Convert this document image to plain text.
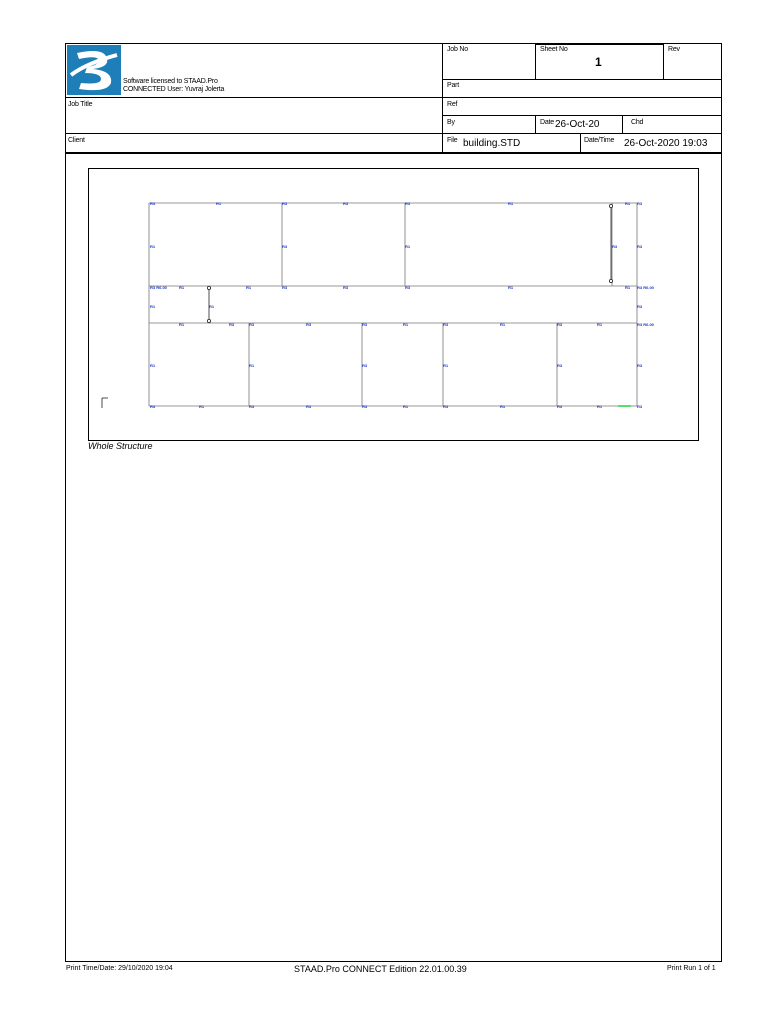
Software licensed to STAAD.Pro
CONNECTED User: Yuvraj Jolerta
Job No	Sheet No
1
Rev
Part
Job Title	Ref
By	Date 26-Oct-20	Chd
Client	File building.STD	Date/Time 26-Oct-2020 19:03
R3	R1	R3	R3	R3	R1	R1 R3
R1	R3	R1	R3	R3
R3 R6.00	R1	R1	R3	R3	R3	R1	R1 R3 R6.00
R1	R1	R3
R1	R3	R3	R3	R3	R1	R3	R1	R3	R1	R3 R6.00
R1	R1	R3	R1	R3	R3
R3	R1	R3	R3	R3	R1	R3	R1	R3	R1	R3
Whole Structure
Print Time/Date: 29/10/2020 19:04	STAAD.Pro CONNECT Edition 22.01.00.39	Print Run 1 of 1
